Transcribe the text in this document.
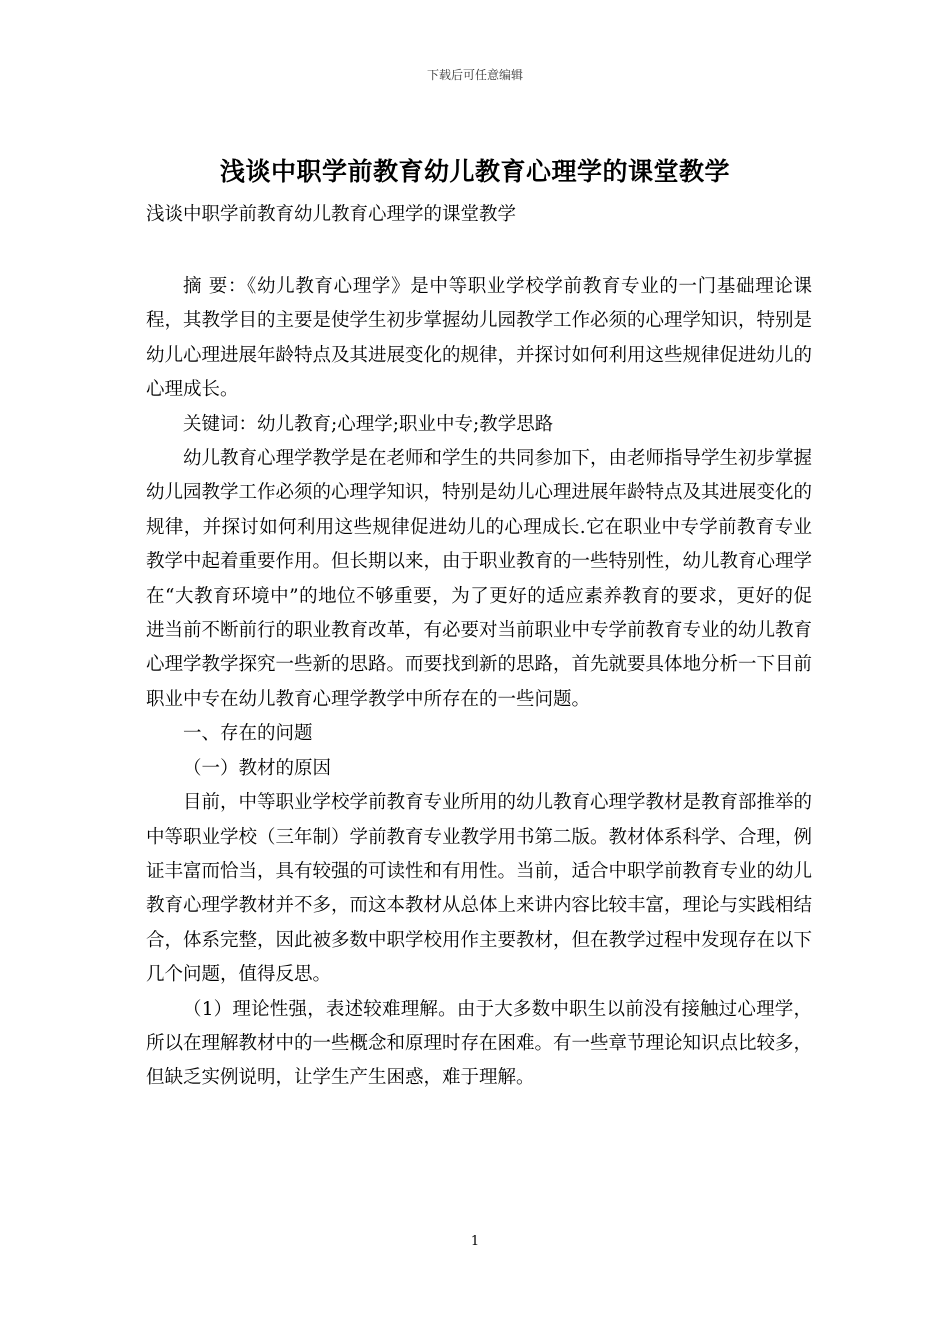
下载后可任意编辑
浅谈中职学前教育幼儿教育心理学的课堂教学
浅谈中职学前教育幼儿教育心理学的课堂教学

摘 要：《幼儿教育心理学》是中等职业学校学前教育专业的一门基础理论课程，其教学目的主要是使学生初步掌握幼儿园教学工作必须的心理学知识，特别是幼儿心理进展年龄特点及其进展变化的规律，并探讨如何利用这些规律促进幼儿的心理成长。

关键词：幼儿教育;心理学;职业中专;教学思路

幼儿教育心理学教学是在老师和学生的共同参加下，由老师指导学生初步掌握幼儿园教学工作必须的心理学知识，特别是幼儿心理进展年龄特点及其进展变化的规律，并探讨如何利用这些规律促进幼儿的心理成长.它在职业中专学前教育专业教学中起着重要作用。但长期以来，由于职业教育的一些特别性，幼儿教育心理学在“大教育环境中”的地位不够重要，为了更好的适应素养教育的要求，更好的促进当前不断前行的职业教育改革，有必要对当前职业中专学前教育专业的幼儿教育心理学教学探究一些新的思路。而要找到新的思路，首先就要具体地分析一下目前职业中专在幼儿教育心理学教学中所存在的一些问题。

一、存在的问题

（一）教材的原因

目前，中等职业学校学前教育专业所用的幼儿教育心理学教材是教育部推举的中等职业学校（三年制）学前教育专业教学用书第二版。教材体系科学、合理，例证丰富而恰当，具有较强的可读性和有用性。当前，适合中职学前教育专业的幼儿教育心理学教材并不多，而这本教材从总体上来讲内容比较丰富，理论与实践相结合，体系完整，因此被多数中职学校用作主要教材，但在教学过程中发现存在以下几个问题，值得反思。

（1）理论性强，表述较难理解。由于大多数中职生以前没有接触过心理学，所以在理解教材中的一些概念和原理时存在困难。有一些章节理论知识点比较多，但缺乏实例说明，让学生产生困惑，难于理解。

1
